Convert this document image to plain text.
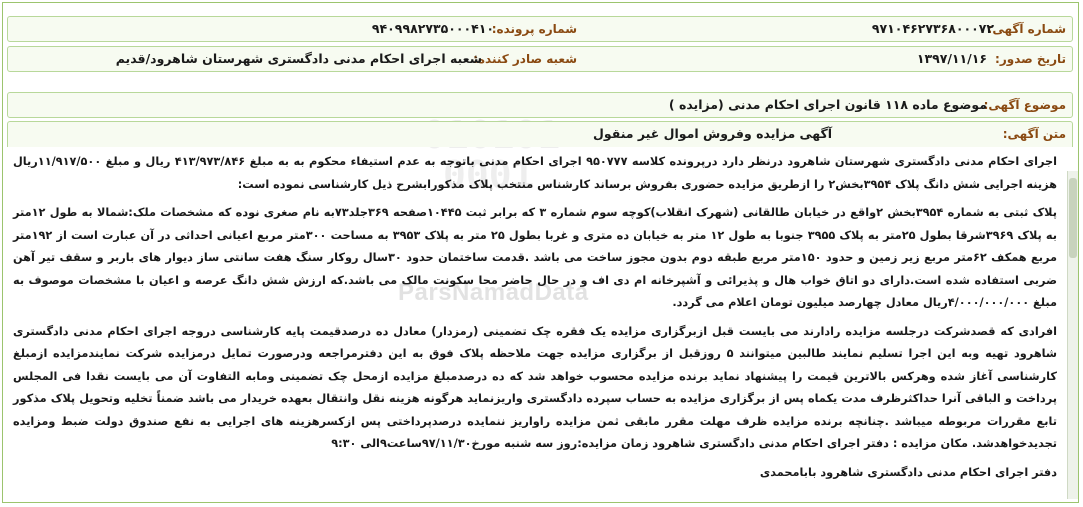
0001
ParsNamadData
شماره آگهی:
۹۷۱۰۴۶۲۷۳۶۸۰۰۰۷۲
شماره پرونده:
۹۴۰۹۹۸۲۷۳۵۰۰۰۴۱۰
تاریخ صدور:
۱۳۹۷/۱۱/۱۶
شعبه صادر کننده:
شعبه اجرای احکام مدنی دادگستری شهرستان شاهرود/قدیم
موضوع آگهی:
موضوع ماده ۱۱۸ قانون اجرای احکام مدنی (مزایده )
متن آگهی:
آگهی مزایده وفروش اموال غیر منقول
اجرای احکام مدنی دادگستری شهرستان شاهرود درنظر دارد درپرونده کلاسه ۹۵۰۷۷۷ اجرای احکام مدنی باتوجه به عدم استیفاء محکوم به به مبلغ ۴۱۳/۹۷۳/۸۴۶ ریال و مبلغ ۱۱/۹۱۷/۵۰۰ریال هزینه اجرایی شش دانگ پلاک ۳۹۵۴بخش۲ را ازطریق مزایده حضوری بفروش برساند کارشناس منتخب پلاک مذکورابشرح ذیل کارشناسی نموده است:
پلاک ثبتی به شماره ۳۹۵۴بخش ۲واقع در خیابان طالقانی (شهرک انقلاب)کوچه سوم شماره ۳ که برابر ثبت ۱۰۴۴۵صفحه ۳۶۹جلد۷۳به نام صغری نوده که مشخصات ملک:شمالا به طول ۱۲متر به پلاک ۳۹۶۹شرقا بطول ۲۵متر به پلاک ۳۹۵۵ جنوبا به طول ۱۲ متر به خیابان ده متری و غربا بطول ۲۵ متر به پلاک ۳۹۵۳ به مساحت ۳۰۰متر مربع اعیانی احداثی در آن عبارت است از ۱۹۲متر مربع همکف ۶۲متر مربع زیر زمین و حدود ۱۵۰متر مربع طبقه دوم بدون مجوز ساخت می باشد .قدمت ساختمان حدود ۳۰سال روکار سنگ هفت سانتی ساز دیوار های باربر و سقف تیر آهن ضربی استفاده شده است.دارای دو اتاق خواب هال و پذیرائی و آشپرخانه ام دی اف و در حال حاضر محا سکونت مالک می باشد.که ارزش شش دانگ عرصه و اعیان با مشخصات موصوف به مبلغ ۴/۰۰۰/۰۰۰/۰۰۰ریال معادل چهارصد میلیون تومان اعلام می گردد.
افرادی که قصدشرکت درجلسه مزایده رادارند می بایست قبل ازبرگزاری مزایده یک فقره چک تضمینی (رمزدار) معادل ده درصدقیمت پایه کارشناسی دروجه اجرای احکام مدنی دادگستری شاهرود تهیه وبه این اجرا تسلیم نمایند طالبین میتوانند ۵ روزقبل از برگزاری مزایده جهت ملاحظه پلاک فوق به این دفترمراجعه ودرصورت تمایل درمزایده شرکت نمایندمزایده ازمبلغ کارشناسی آغاز شده وهرکس بالاترین قیمت را پیشنهاد نماید برنده مزایده محسوب خواهد شد که ده درصدمبلغ مزایده ازمحل چک تضمینی ومابه التفاوت آن می بایست نقدا فی المجلس پرداخت و الباقی آنرا حداکثرظرف مدت یکماه پس از برگزاری مزایده به حساب سپرده دادگستری واریزنماید هرگونه هزینه نقل وانتقال بعهده خریدار می باشد ضمناً تخلیه وتحویل پلاک مذکور تابع مقررات مربوطه میباشد .چنانچه برنده مزایده ظرف مهلت مقرر مابقی ثمن مزایده راواریز ننمایده درصدپرداختی پس ازکسرهزینه های اجرایی به نفع صندوق دولت ضبط ومزایده تجدیدخواهدشد. مکان مزایده : دفتر اجرای احکام مدنی دادگستری شاهرود زمان مزایده:روز سه شنبه مورخ۹۷/۱۱/۳۰ساعت۹الی ۹:۳۰
دفتر اجرای احکام مدنی دادگستری شاهرود بابامحمدی
